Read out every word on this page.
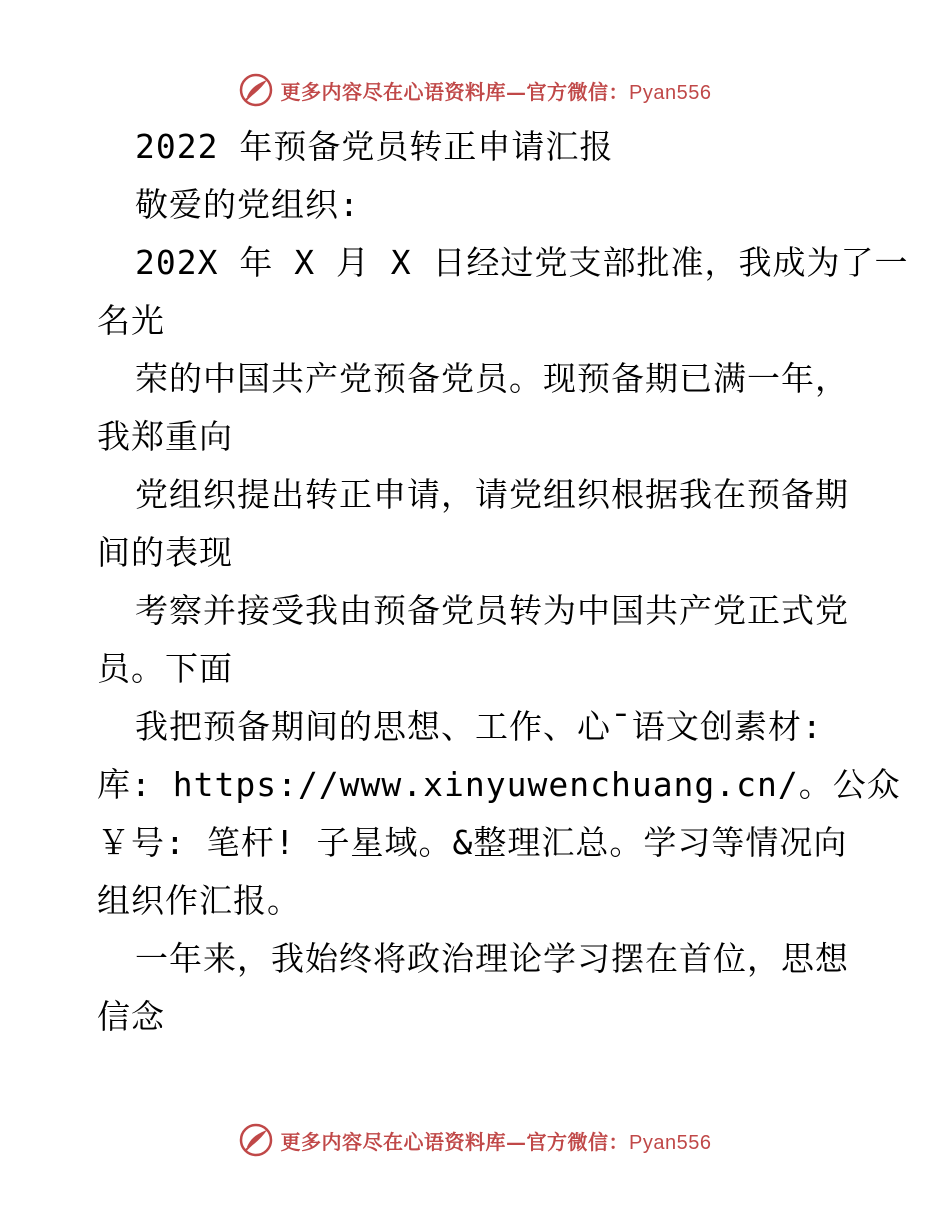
更多内容尽在心语资料库—官方微信：Pyan556
2022 年预备党员转正申请汇报
敬爱的党组织:
202X 年 X 月 X 日经过党支部批准，我成为了一
名光
荣的中国共产党预备党员。现预备期已满一年，
我郑重向
党组织提出转正申请，请党组织根据我在预备期
间的表现
考察并接受我由预备党员转为中国共产党正式党
员。下面
我把预备期间的思想、工作、心¯语文创素材:
库: https://www.xinyuwenchuang.cn/。公众
￥号: 笔杆! 子星域。&整理汇总。学习等情况向
组织作汇报。
一年来，我始终将政治理论学习摆在首位，思想
信念
更多内容尽在心语资料库—官方微信：Pyan556
